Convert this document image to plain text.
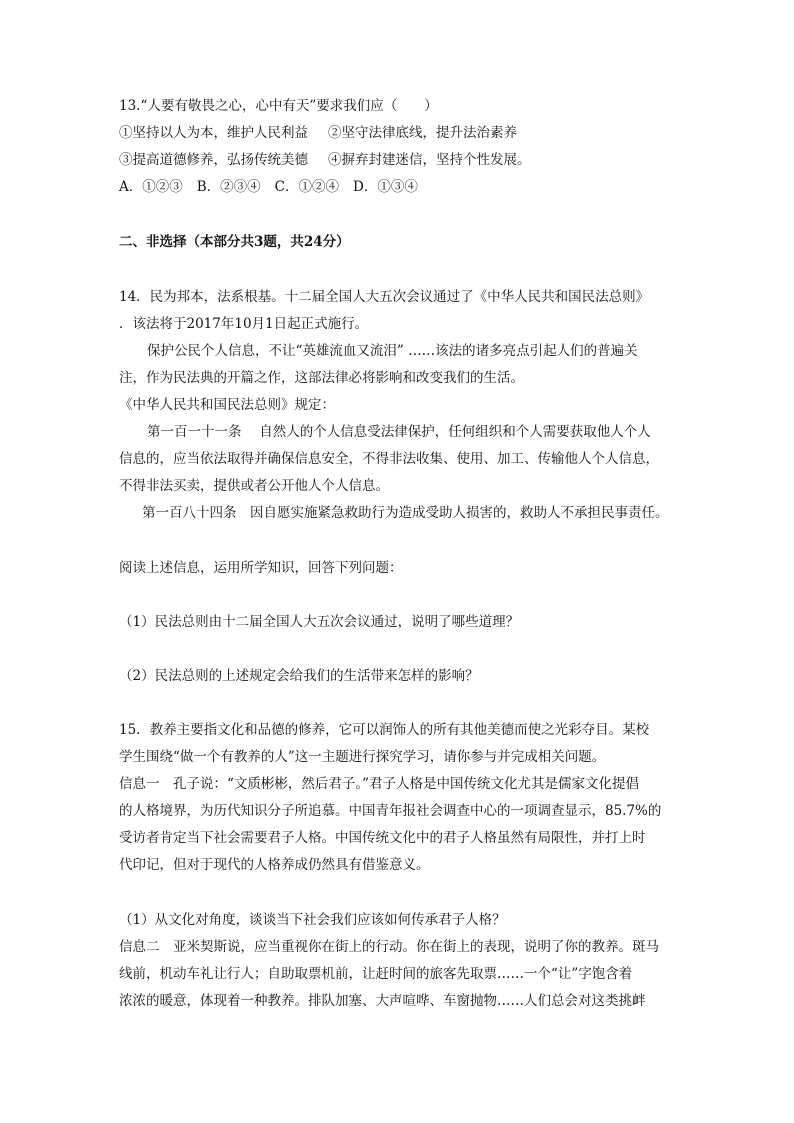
13.“人要有敬畏之心，心中有天”要求我们应（　　）
①坚持以人为本，维护人民利益 ②坚守法律底线，提升法治素养
③提高道德修养，弘扬传统美德 ④摒弃封建迷信，坚持个性发展。
A．①②③ B．②③④ C．①②④ D．①③④
二、非选择（本部分共3题，共24分）
14．民为邦本，法系根基。十二届全国人大五次会议通过了《中华人民共和国民法总则》
．该法将于2017年10月1日起正式施行。
保护公民个人信息，不让“英雄流血又流泪” ……该法的诸多亮点引起人们的普遍关
注，作为民法典的开篇之作，这部法律必将影响和改变我们的生活。
《中华人民共和国民法总则》规定：
第一百一十一条　 自然人的个人信息受法律保护，任何组织和个人需要获取他人个人
信息的，应当依法取得并确保信息安全，不得非法收集、使用、加工、传输他人个人信息，
不得非法买卖，提供或者公开他人个人信息。
第一百八十四条　因自愿实施紧急救助行为造成受助人损害的，救助人不承担民事责任。
阅读上述信息，运用所学知识，回答下列问题：
（1）民法总则由十二届全国人大五次会议通过，说明了哪些道理？
（2）民法总则的上述规定会给我们的生活带来怎样的影响？
15．教养主要指文化和品德的修养，它可以润饰人的所有其他美德而使之光彩夺目。某校
学生围绕“做一个有教养的人”这一主题进行探究学习，请你参与并完成相关问题。
信息一　孔子说：“文质彬彬，然后君子。”君子人格是中国传统文化尤其是儒家文化提倡
的人格境界，为历代知识分子所追慕。中国青年报社会调查中心的一项调查显示，85.7%的
受访者肯定当下社会需要君子人格。中国传统文化中的君子人格虽然有局限性，并打上时
代印记，但对于现代的人格养成仍然具有借鉴意义。
（1）从文化对角度，谈谈当下社会我们应该如何传承君子人格？
信息二　亚米契斯说，应当重视你在街上的行动。你在街上的表现，说明了你的教养。斑马
线前，机动车礼让行人；自助取票机前，让赶时间的旅客先取票……一个“让”字饱含着
浓浓的暖意，体现着一种教养。排队加塞、大声喧哗、车窗抛物……人们总会对这类挑衅
